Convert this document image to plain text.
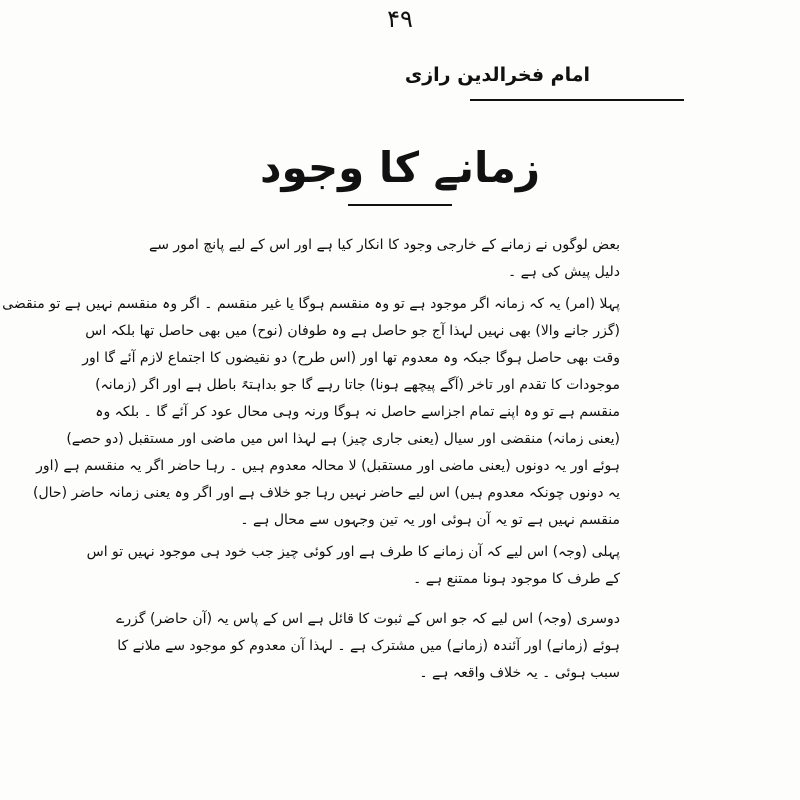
۴۹
امام فخرالدین رازی
زمانے کا وجود
بعض لوگوں نے زمانے کے خارجی وجود کا انکار کیا ہے اور اس کے لیے پانچ امور سے
دلیل پیش کی ہے ۔
پہلا (امر) یہ کہ زمانہ اگر موجود ہے تو وہ منقسم ہوگا یا غیر منقسم ۔ اگر وہ منقسم نہیں ہے تو منقضی
(گزر جانے والا) بھی نہیں لہذا آج جو حاصل ہے وہ طوفان (نوح) میں بھی حاصل تھا بلکہ اس
وقت بھی حاصل ہوگا جبکہ وہ معدوم تھا اور (اس طرح) دو نقیضوں کا اجتماع لازم آئے گا اور
موجودات کا تقدم اور تاخر (آگے پیچھے ہونا) جاتا رہے گا جو بداہتہً باطل ہے اور اگر (زمانہ)
منقسم ہے تو وہ اپنے تمام اجزاسے حاصل نہ ہوگا ورنہ وہی محال عود کر آئے گا ۔ بلکہ وہ
(یعنی زمانہ) منقضی اور سیال (یعنی جاری چیز) ہے لہذا اس میں ماضی اور مستقبل (دو حصے)
ہوئے اور یہ دونوں (یعنی ماضی اور مستقبل) لا محالہ معدوم ہیں ۔ رہا حاضر اگر یہ منقسم ہے (اور
یہ دونوں چونکہ معدوم ہیں) اس لیے حاضر نہیں رہا جو خلاف ہے اور اگر وہ یعنی زمانہ حاضر (حال)
منقسم نہیں ہے تو یہ آن ہوئی اور یہ تین وجہوں سے محال ہے ۔
پہلی (وجہ) اس لیے کہ آن زمانے کا طرف ہے اور کوئی چیز جب خود ہی موجود نہیں تو اس
کے طرف کا موجود ہونا ممتنع ہے ۔
دوسری (وجہ) اس لیے کہ جو اس کے ثبوت کا قائل ہے اس کے پاس یہ (آن حاضر) گزرے
ہوئے (زمانے) اور آئندہ (زمانے) میں مشترک ہے ۔ لہذا آن معدوم کو موجود سے ملانے کا
سبب ہوئی ۔ یہ خلاف واقعہ ہے ۔
